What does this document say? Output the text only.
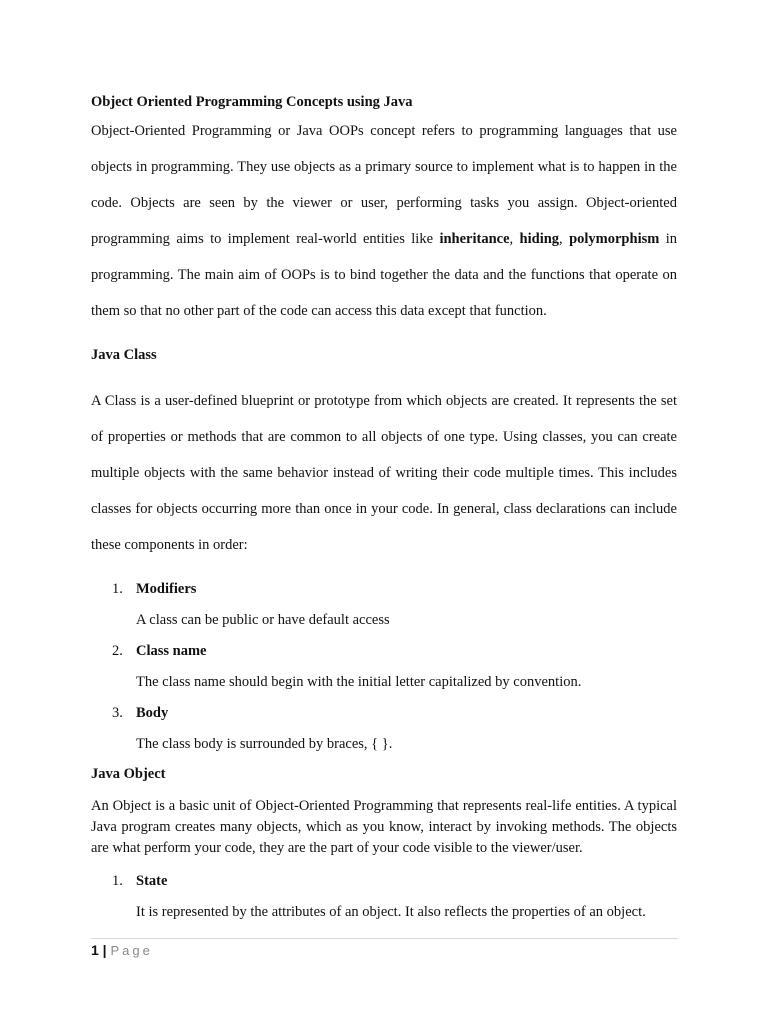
Object Oriented Programming Concepts using Java

Object-Oriented Programming or Java OOPs concept refers to programming languages that use objects in programming. They use objects as a primary source to implement what is to happen in the code. Objects are seen by the viewer or user, performing tasks you assign. Object-oriented programming aims to implement real-world entities like inheritance, hiding, polymorphism in programming. The main aim of OOPs is to bind together the data and the functions that operate on them so that no other part of the code can access this data except that function.

Java Class

A Class is a user-defined blueprint or prototype from which objects are created. It represents the set of properties or methods that are common to all objects of one type. Using classes, you can create multiple objects with the same behavior instead of writing their code multiple times. This includes classes for objects occurring more than once in your code. In general, class declarations can include these components in order:

1. Modifiers
A class can be public or have default access
2. Class name
The class name should begin with the initial letter capitalized by convention.
3. Body
The class body is surrounded by braces, { }.
Java Object

An Object is a basic unit of Object-Oriented Programming that represents real-life entities. A typical Java program creates many objects, which as you know, interact by invoking methods. The objects are what perform your code, they are the part of your code visible to the viewer/user.

1. State
It is represented by the attributes of an object. It also reflects the properties of an object.
1 | Page
